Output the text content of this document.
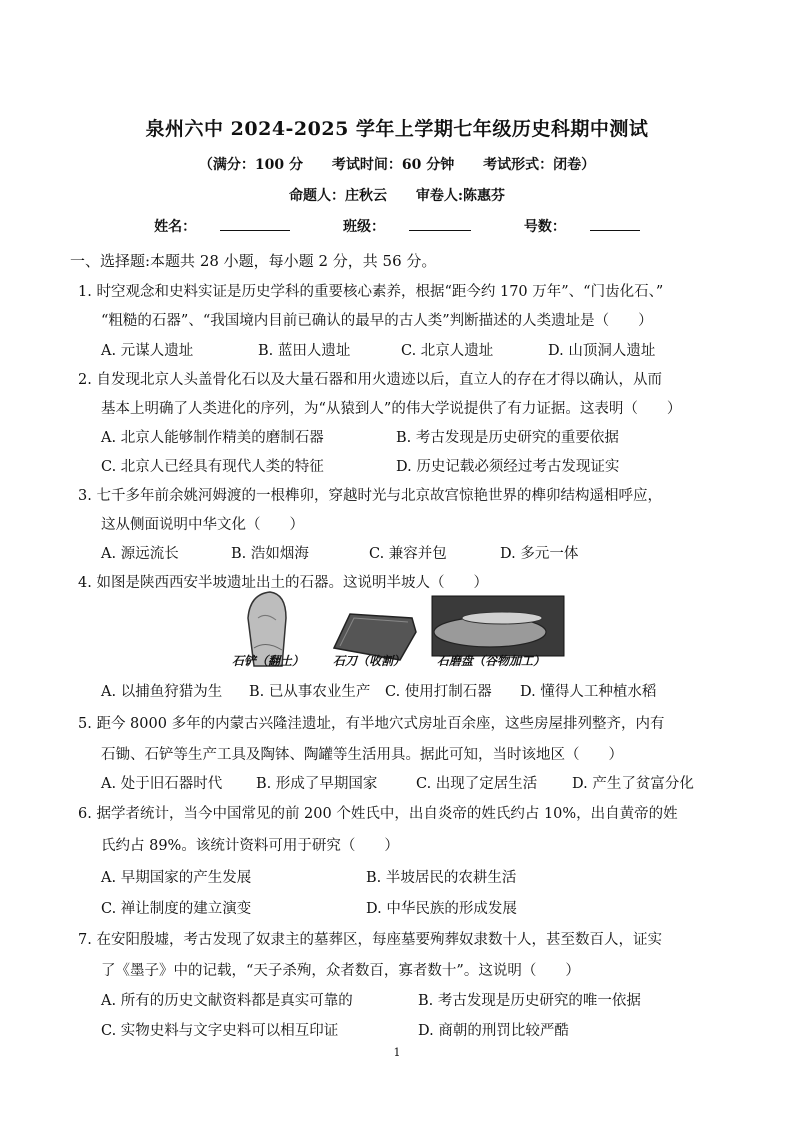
泉州六中 2024-2025 学年上学期七年级历史科期中测试
（满分：100 分 考试时间：60 分钟 考试形式：闭卷）
命题人：庄秋云 审卷人:陈惠芬
姓名：	班级：	号数：
一、选择题:本题共 28 小题，每小题 2 分，共 56 分。
1. 时空观念和史料实证是历史学科的重要核心素养，根据“距今约 170 万年”、“门齿化石、”
“粗糙的石器”、“我国境内目前已确认的最早的古人类”判断描述的人类遗址是（　　）
A. 元谋人遗址	B. 蓝田人遗址	C. 北京人遗址	D. 山顶洞人遗址
2. 自发现北京人头盖骨化石以及大量石器和用火遗迹以后，直立人的存在才得以确认，从而
基本上明确了人类进化的序列，为“从猿到人”的伟大学说提供了有力证据。这表明（　　）
A. 北京人能够制作精美的磨制石器	B. 考古发现是历史研究的重要依据
C. 北京人已经具有现代人类的特征	D. 历史记载必须经过考古发现证实
3. 七千多年前余姚河姆渡的一根榫卯，穿越时光与北京故宫惊艳世界的榫卯结构遥相呼应，
这从侧面说明中华文化（　　）
A. 源远流长	B. 浩如烟海	C. 兼容并包	D. 多元一体
4. 如图是陕西西安半坡遗址出土的石器。这说明半坡人（　　）
石铲（翻土） 石刀（收割）	石磨盘（谷物加工）
A. 以捕鱼狩猎为生 B. 已从事农业生产 C. 使用打制石器 D. 懂得人工种植水稻
5. 距今 8000 多年的内蒙古兴隆洼遗址，有半地穴式房址百余座，这些房屋排列整齐，内有
石锄、石铲等生产工具及陶钵、陶罐等生活用具。据此可知，当时该地区（　　）
A. 处于旧石器时代 B. 形成了早期国家	C. 出现了定居生活 D. 产生了贫富分化
6. 据学者统计，当今中国常见的前 200 个姓氏中，出自炎帝的姓氏约占 10%，出自黄帝的姓
氏约占 89%。该统计资料可用于研究（　　）
A. 早期国家的产生发展	B. 半坡居民的农耕生活
C. 禅让制度的建立演变	D. 中华民族的形成发展
7. 在安阳殷墟，考古发现了奴隶主的墓葬区，每座墓要殉葬奴隶数十人，甚至数百人，证实
了《墨子》中的记载，“天子杀殉，众者数百，寡者数十”。这说明（　　）
A. 所有的历史文献资料都是真实可靠的	B. 考古发现是历史研究的唯一依据
C. 实物史料与文字史料可以相互印证	D. 商朝的刑罚比较严酷
1
